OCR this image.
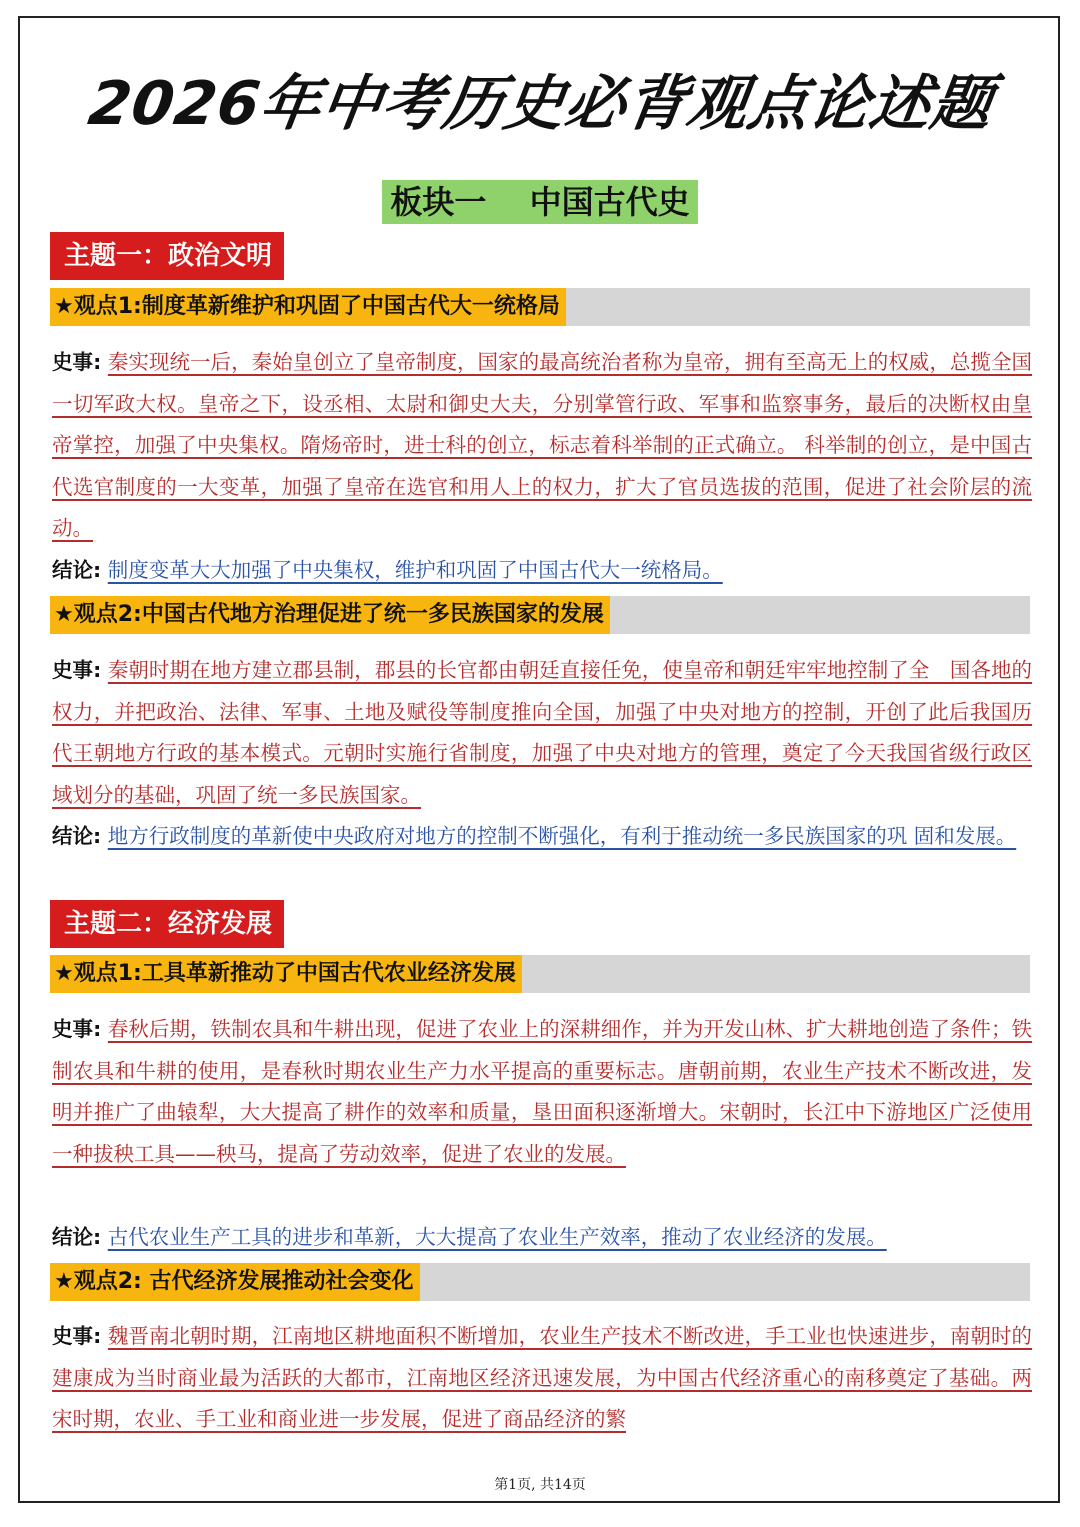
2026年中考历史必背观点论述题
板块一　 中国古代史
主题一：政治文明
★观点1:制度革新维护和巩固了中国古代大一统格局
史事: 秦实现统一后，秦始皇创立了皇帝制度，国家的最高统治者称为皇帝，拥有至高无上的权威，总揽全国一切军政大权。皇帝之下，设丞相、太尉和御史大夫，分别掌管行政、军事和监察事务，最后的决断权由皇帝掌控，加强了中央集权。隋炀帝时，进士科的创立，标志着科举制的正式确立。 科举制的创立，是中国古代选官制度的一大变革，加强了皇帝在选官和用人上的权力，扩大了官员选拔的范围，促进了社会阶层的流动。
结论: 制度变革大大加强了中央集权，维护和巩固了中国古代大一统格局。
★观点2:中国古代地方治理促进了统一多民族国家的发展
史事: 秦朝时期在地方建立郡县制，郡县的长官都由朝廷直接任免，使皇帝和朝廷牢牢地控制了全　国各地的权力，并把政治、法律、军事、土地及赋役等制度推向全国，加强了中央对地方的控制，开创了此后我国历代王朝地方行政的基本模式。元朝时实施行省制度，加强了中央对地方的管理，奠定了今天我国省级行政区域划分的基础，巩固了统一多民族国家。
结论: 地方行政制度的革新使中央政府对地方的控制不断强化，有利于推动统一多民族国家的巩 固和发展。
主题二：经济发展
★观点1:工具革新推动了中国古代农业经济发展
史事: 春秋后期，铁制农具和牛耕出现，促进了农业上的深耕细作，并为开发山林、扩大耕地创造了条件；铁制农具和牛耕的使用，是春秋时期农业生产力水平提高的重要标志。唐朝前期，农业生产技术不断改进，发明并推广了曲辕犁，大大提高了耕作的效率和质量，垦田面积逐渐增大。宋朝时，长江中下游地区广泛使用一种拔秧工具——秧马，提高了劳动效率，促进了农业的发展。
结论: 古代农业生产工具的进步和革新，大大提高了农业生产效率，推动了农业经济的发展。
★观点2: 古代经济发展推动社会变化
史事: 魏晋南北朝时期，江南地区耕地面积不断增加，农业生产技术不断改进，手工业也快速进步，南朝时的建康成为当时商业最为活跃的大都市，江南地区经济迅速发展，为中国古代经济重心的南移奠定了基础。两宋时期，农业、手工业和商业进一步发展，促进了商品经济的繁
第1页, 共14页
